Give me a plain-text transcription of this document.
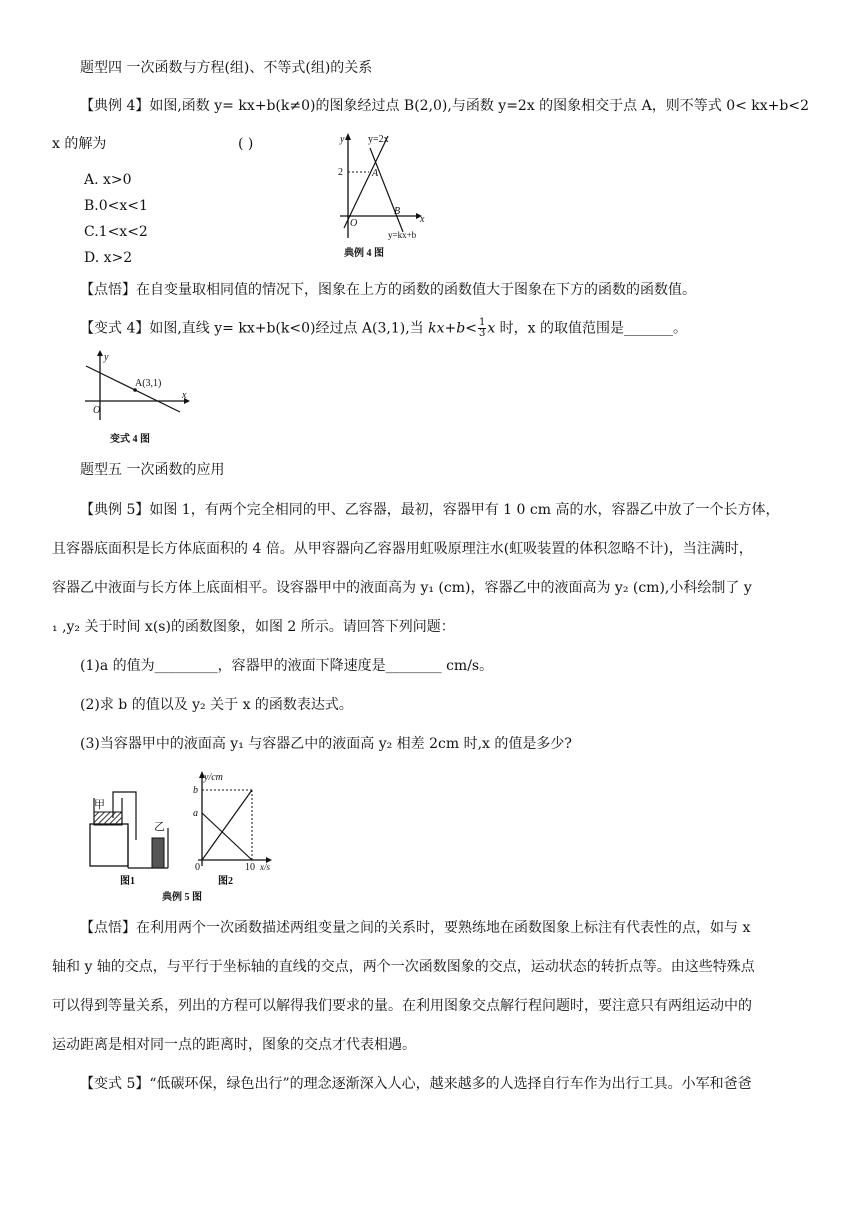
题型四 一次函数与方程(组)、不等式(组)的关系
【典例 4】如图,函数 y= kx+b(k≠0)的图象经过点 B(2,0),与函数 y=2x 的图象相交于点 A，则不等式 0< kx+b<2
x 的解为	( )
A. x>0
B.0<x<1
C.1<x<2
D. x>2
y y=2x
2	A
O
B
x
y=kx+b
典例 4 图
【点悟】在自变量取相同值的情况下，图象在上方的函数的函数值大于图象在下方的函数的函数值。
【变式 4】如图,直线 y= kx+b(k<0)经过点 A(3,1),当 $kx+b< \frac{1}{3}$ x 时，x 的取值范围是_______。
y
A(3,1)
O
x
变式 4 图
题型五 一次函数的应用
【典例 5】如图 1，有两个完全相同的甲、乙容器，最初，容器甲有 1 0 cm 高的水，容器乙中放了一个长方体，
且容器底面积是长方体底面积的 4 倍。从甲容器向乙容器用虹吸原理注水(虹吸装置的体积忽略不计)，当注满时，
容器乙中液面与长方体上底面相平。设容器甲中的液面高为 y₁ (cm)，容器乙中的液面高为 y₂ (cm),小科绘制了 y
₁ ,y₂ 关于时间 x(s)的函数图象，如图 2 所示。请回答下列问题：
(1)a 的值为_________，容器甲的液面下降速度是________ cm/s。
(2)求 b 的值以及 y₂ 关于 x 的函数表达式。
(3)当容器甲中的液面高 y₁ 与容器乙中的液面高 y₂ 相差 2cm 时,x 的值是多少?
甲
乙
图1
y/cm
b
a
0	10 x/s
图2
典例 5 图
【点悟】在利用两个一次函数描述两组变量之间的关系时，要熟练地在函数图象上标注有代表性的点，如与 x
轴和 y 轴的交点，与平行于坐标轴的直线的交点，两个一次函数图象的交点，运动状态的转折点等。由这些特殊点
可以得到等量关系，列出的方程可以解得我们要求的量。在利用图象交点解行程问题时，要注意只有两组运动中的
运动距离是相对同一点的距离时，图象的交点才代表相遇。
【变式 5】“低碳环保，绿色出行”的理念逐渐深入人心，越来越多的人选择自行车作为出行工具。小军和爸爸
